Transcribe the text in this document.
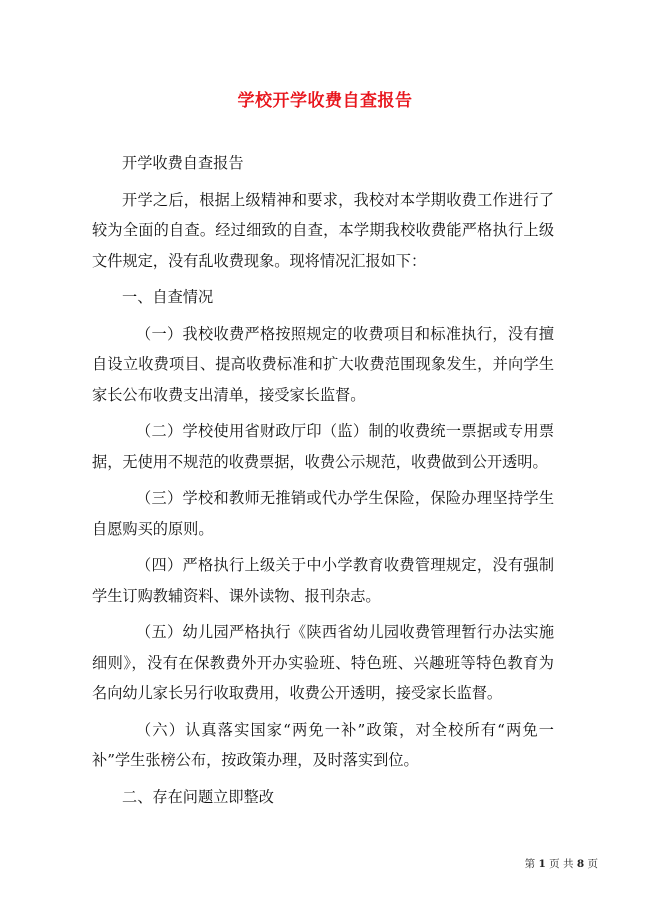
学校开学收费自查报告

开学收费自查报告

开学之后，根据上级精神和要求，我校对本学期收费工作进行了较为全面的自查。经过细致的自查，本学期我校收费能严格执行上级文件规定，没有乱收费现象。现将情况汇报如下：

一、自查情况

（一）我校收费严格按照规定的收费项目和标准执行，没有擅自设立收费项目、提高收费标准和扩大收费范围现象发生，并向学生家长公布收费支出清单，接受家长监督。

（二）学校使用省财政厅印（监）制的收费统一票据或专用票据，无使用不规范的收费票据，收费公示规范，收费做到公开透明。

（三）学校和教师无推销或代办学生保险，保险办理坚持学生自愿购买的原则。

（四）严格执行上级关于中小学教育收费管理规定，没有强制学生订购教辅资料、课外读物、报刊杂志。

（五）幼儿园严格执行《陕西省幼儿园收费管理暂行办法实施细则》，没有在保教费外开办实验班、特色班、兴趣班等特色教育为名向幼儿家长另行收取费用，收费公开透明，接受家长监督。

（六）认真落实国家“两免一补”政策，对全校所有“两免一补”学生张榜公布，按政策办理，及时落实到位。

二、存在问题立即整改

第 1 页 共 8 页
